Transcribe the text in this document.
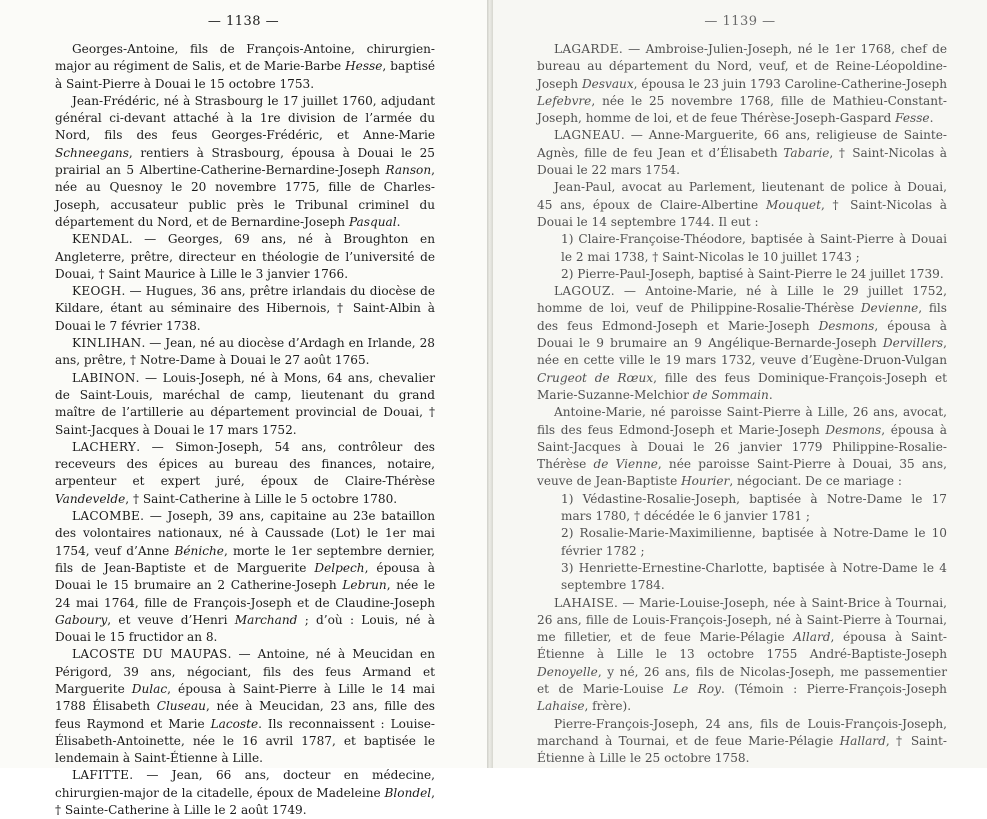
— 1138 —

Georges-Antoine, fils de François-Antoine, chirurgien-major au régiment de Salis, et de Marie-Barbe Hesse, baptisé à Saint-Pierre à Douai le 15 octobre 1753.

Jean-Frédéric, né à Strasbourg le 17 juillet 1760, adjudant général ci-devant attaché à la 1re division de l’armée du Nord, fils des feus Georges-Frédéric, et Anne-Marie Schneegans, rentiers à Strasbourg, épousa à Douai le 25 prairial an 5 Albertine-Catherine-Bernardine-Joseph Ranson, née au Quesnoy le 20 novembre 1775, fille de Charles-Joseph, accusateur public près le Tribunal criminel du département du Nord, et de Bernardine-Joseph Pasqual.

KENDAL. — Georges, 69 ans, né à Broughton en Angleterre, prêtre, directeur en théologie de l’université de Douai, † Saint Maurice à Lille le 3 janvier 1766.

KEOGH. — Hugues, 36 ans, prêtre irlandais du diocèse de Kildare, étant au séminaire des Hibernois, † Saint-Albin à Douai le 7 février 1738.

KINLIHAN. — Jean, né au diocèse d’Ardagh en Irlande, 28 ans, prêtre, † Notre-Dame à Douai le 27 août 1765.

LABINON. — Louis-Joseph, né à Mons, 64 ans, chevalier de Saint-Louis, maréchal de camp, lieutenant du grand maître de l’artillerie au département provincial de Douai, † Saint-Jacques à Douai le 17 mars 1752.

LACHERY. — Simon-Joseph, 54 ans, contrôleur des receveurs des épices au bureau des finances, notaire, arpenteur et expert juré, époux de Claire-Thérèse Vandevelde, † Saint-Catherine à Lille le 5 octobre 1780.

LACOMBE. — Joseph, 39 ans, capitaine au 23e bataillon des volontaires nationaux, né à Caussade (Lot) le 1er mai 1754, veuf d’Anne Béniche, morte le 1er septembre dernier, fils de Jean-Baptiste et de Marguerite Delpech, épousa à Douai le 15 brumaire an 2 Catherine-Joseph Lebrun, née le 24 mai 1764, fille de François-Joseph et de Claudine-Joseph Gaboury, et veuve d’Henri Marchand ; d’où : Louis, né à Douai le 15 fructidor an 8.

LACOSTE DU MAUPAS. — Antoine, né à Meucidan en Périgord, 39 ans, négociant, fils des feus Armand et Marguerite Dulac, épousa à Saint-Pierre à Lille le 14 mai 1788 Élisabeth Cluseau, née à Meucidan, 23 ans, fille des feus Raymond et Marie Lacoste. Ils reconnaissent : Louise-Élisabeth-Antoinette, née le 16 avril 1787, et baptisée le lendemain à Saint-Étienne à Lille.

LAFITTE. — Jean, 66 ans, docteur en médecine, chirurgien-major de la citadelle, époux de Madeleine Blondel, † Sainte-Catherine à Lille le 2 août 1749.

— 1139 —

LAGARDE. — Ambroise-Julien-Joseph, né le 1er 1768, chef de bureau au département du Nord, veuf, et de Reine-Léopoldine-Joseph Desvaux, épousa le 23 juin 1793 Caroline-Catherine-Joseph Lefebvre, née le 25 novembre 1768, fille de Mathieu-Constant-Joseph, homme de loi, et de feue Thérèse-Joseph-Gaspard Fesse.

LAGNEAU. — Anne-Marguerite, 66 ans, religieuse de Sainte-Agnès, fille de feu Jean et d’Élisabeth Tabarie, † Saint-Nicolas à Douai le 22 mars 1754.

Jean-Paul, avocat au Parlement, lieutenant de police à Douai, 45 ans, époux de Claire-Albertine Mouquet, † Saint-Nicolas à Douai le 14 septembre 1744. Il eut :

1) Claire-Françoise-Théodore, baptisée à Saint-Pierre à Douai le 2 mai 1738, † Saint-Nicolas le 10 juillet 1743 ;

2) Pierre-Paul-Joseph, baptisé à Saint-Pierre le 24 juillet 1739.

LAGOUZ. — Antoine-Marie, né à Lille le 29 juillet 1752, homme de loi, veuf de Philippine-Rosalie-Thérèse Devienne, fils des feus Edmond-Joseph et Marie-Joseph Desmons, épousa à Douai le 9 brumaire an 9 Angélique-Bernarde-Joseph Dervillers, née en cette ville le 19 mars 1732, veuve d’Eugène-Druon-Vulgan Crugeot de Rœux, fille des feus Dominique-François-Joseph et Marie-Suzanne-Melchior de Sommain.

Antoine-Marie, né paroisse Saint-Pierre à Lille, 26 ans, avocat, fils des feus Edmond-Joseph et Marie-Joseph Desmons, épousa à Saint-Jacques à Douai le 26 janvier 1779 Philippine-Rosalie-Thérèse de Vienne, née paroisse Saint-Pierre à Douai, 35 ans, veuve de Jean-Baptiste Hourier, négociant. De ce mariage :

1) Védastine-Rosalie-Joseph, baptisée à Notre-Dame le 17 mars 1780, † décédée le 6 janvier 1781 ;

2) Rosalie-Marie-Maximilienne, baptisée à Notre-Dame le 10 février 1782 ;

3) Henriette-Ernestine-Charlotte, baptisée à Notre-Dame le 4 septembre 1784.

LAHAISE. — Marie-Louise-Joseph, née à Saint-Brice à Tournai, 26 ans, fille de Louis-François-Joseph, né à Saint-Pierre à Tournai, me filletier, et de feue Marie-Pélagie Allard, épousa à Saint-Étienne à Lille le 13 octobre 1755 André-Baptiste-Joseph Denoyelle, y né, 26 ans, fils de Nicolas-Joseph, me passementier et de Marie-Louise Le Roy. (Témoin : Pierre-François-Joseph Lahaise, frère).

Pierre-François-Joseph, 24 ans, fils de Louis-François-Joseph, marchand à Tournai, et de feue Marie-Pélagie Hallard, † Saint-Étienne à Lille le 25 octobre 1758.
